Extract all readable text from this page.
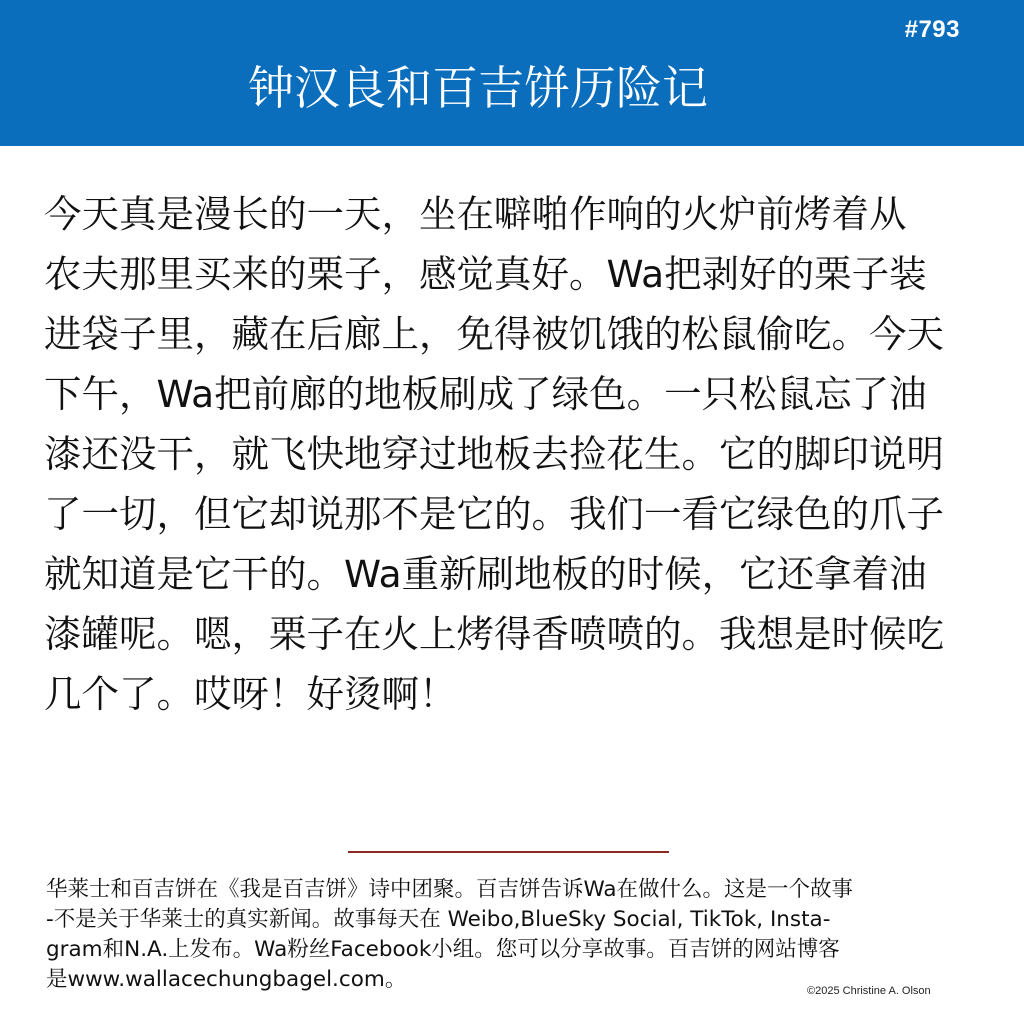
#793
钟汉良和百吉饼历险记
今天真是漫长的一天，坐在噼啪作响的火炉前烤着从
农夫那里买来的栗子，感觉真好。Wa把剥好的栗子装
进袋子里，藏在后廊上，免得被饥饿的松鼠偷吃。今天
下午，Wa把前廊的地板刷成了绿色。一只松鼠忘了油
漆还没干，就飞快地穿过地板去捡花生。它的脚印说明
了一切，但它却说那不是它的。我们一看它绿色的爪子
就知道是它干的。Wa重新刷地板的时候，它还拿着油
漆罐呢。嗯，栗子在火上烤得香喷喷的。我想是时候吃
几个了。哎呀！好烫啊！
华莱士和百吉饼在《我是百吉饼》诗中团聚。百吉饼告诉Wa在做什么。这是一个故事
-不是关于华莱士的真实新闻。故事每天在 Weibo,BlueSky Social, TikTok, Insta-
gram和N.A.上发布。Wa粉丝Facebook小组。您可以分享故事。百吉饼的网站博客
是www.wallacechungbagel.com。	©2025 Christine A. Olson
